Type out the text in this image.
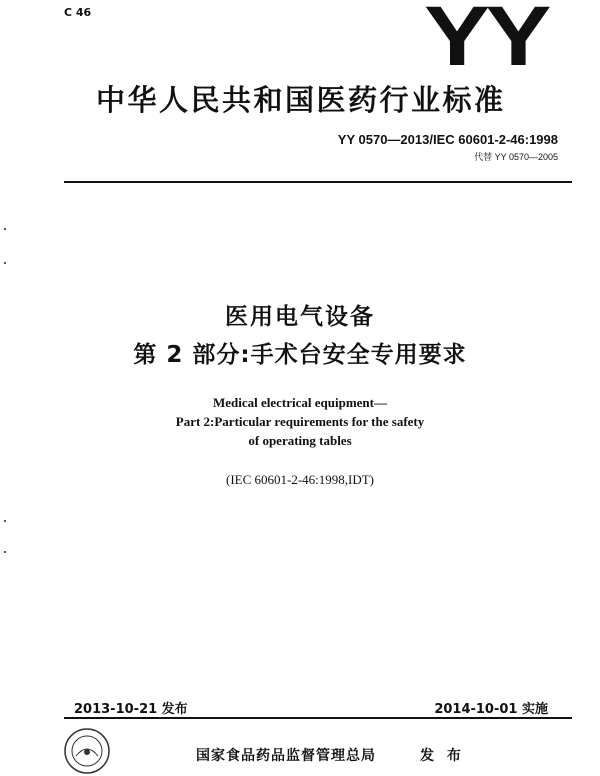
C 46	YY
中华人民共和国医药行业标准
YY 0570—2013/IEC 60601-2-46:1998
代替 YY 0570—2005
医用电气设备
第 2 部分:手术台安全专用要求
Medical electrical equipment—
Part 2:Particular requirements for the safety
of operating tables
(IEC 60601-2-46:1998,IDT)
2013-10-21 发布	2014-10-01 实施
国家食品药品监督管理总局	发 布
